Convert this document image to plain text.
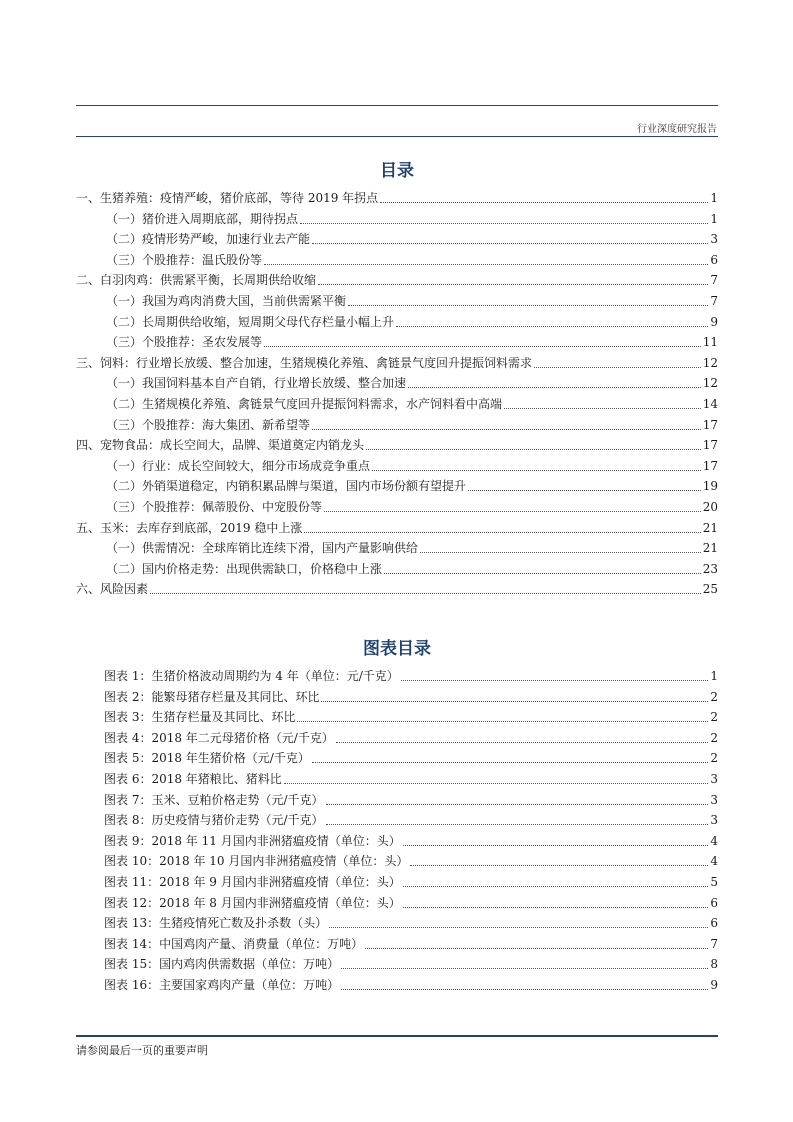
行业深度研究报告
目录
一、生猪养殖：疫情严峻，猪价底部，等待 2019 年拐点	1
（一）猪价进入周期底部，期待拐点	1
（二）疫情形势严峻，加速行业去产能	3
（三）个股推荐：温氏股份等	6
二、白羽肉鸡：供需紧平衡，长周期供给收缩	7
（一）我国为鸡肉消费大国，当前供需紧平衡	7
（二）长周期供给收缩，短周期父母代存栏量小幅上升	9
（三）个股推荐：圣农发展等	11
三、饲料：行业增长放缓、整合加速，生猪规模化养殖、禽链景气度回升提振饲料需求	12
（一）我国饲料基本自产自销，行业增长放缓、整合加速	12
（二）生猪规模化养殖、禽链景气度回升提振饲料需求，水产饲料看中高端	14
（三）个股推荐：海大集团、新希望等	17
四、宠物食品：成长空间大，品牌、渠道奠定内销龙头	17
（一）行业：成长空间较大，细分市场成竞争重点	17
（二）外销渠道稳定，内销积累品牌与渠道，国内市场份额有望提升	19
（三）个股推荐：佩蒂股份、中宠股份等	20
五、玉米：去库存到底部，2019 稳中上涨	21
（一）供需情况：全球库销比连续下滑，国内产量影响供给	21
（二）国内价格走势：出现供需缺口，价格稳中上涨	23
六、风险因素	25
图表目录
图表 1：生猪价格波动周期约为 4 年（单位：元/千克）	1
图表 2：能繁母猪存栏量及其同比、环比	2
图表 3：生猪存栏量及其同比、环比	2
图表 4：2018 年二元母猪价格（元/千克）	2
图表 5：2018 年生猪价格（元/千克）	2
图表 6：2018 年猪粮比、猪料比	3
图表 7：玉米、豆粕价格走势（元/千克）	3
图表 8：历史疫情与猪价走势（元/千克）	3
图表 9：2018 年 11 月国内非洲猪瘟疫情（单位：头）	4
图表 10：2018 年 10 月国内非洲猪瘟疫情（单位：头）	4
图表 11：2018 年 9 月国内非洲猪瘟疫情（单位：头）	5
图表 12：2018 年 8 月国内非洲猪瘟疫情（单位：头）	6
图表 13：生猪疫情死亡数及扑杀数（头）	6
图表 14：中国鸡肉产量、消费量（单位：万吨）	7
图表 15：国内鸡肉供需数据（单位：万吨）	8
图表 16：主要国家鸡肉产量（单位：万吨）	9
请参阅最后一页的重要声明
